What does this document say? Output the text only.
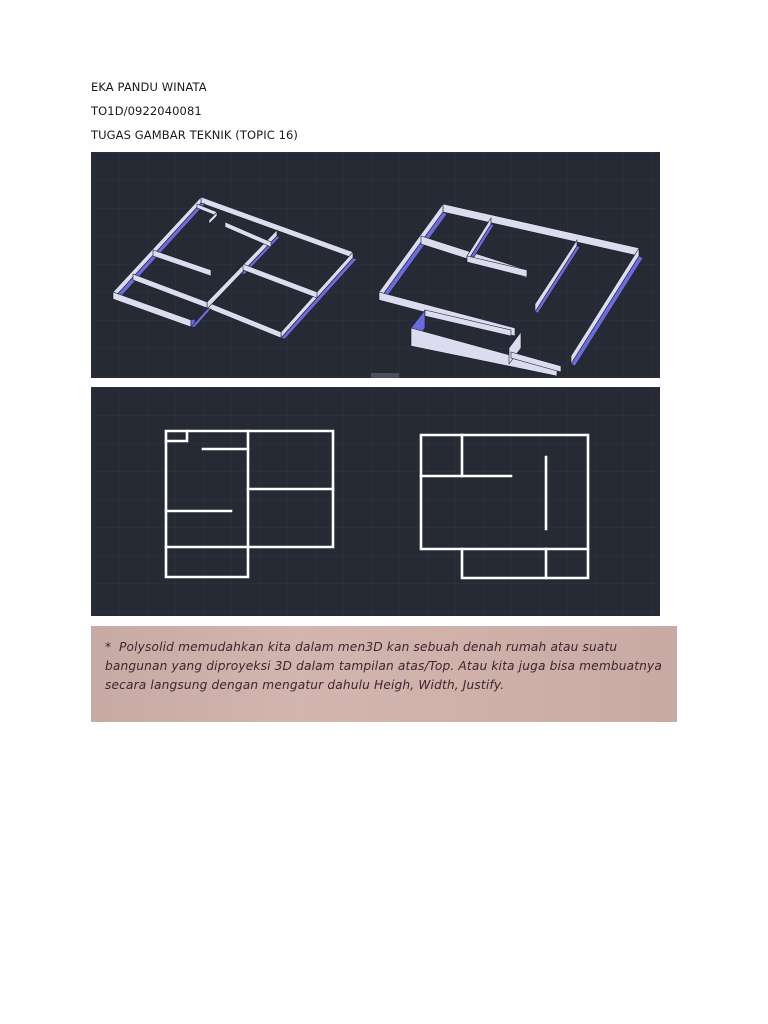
EKA PANDU WINATA
TO1D/0922040081
TUGAS GAMBAR TEKNIK (TOPIC 16)
* Polysolid memudahkan kita dalam men3D kan sebuah denah rumah atau suatu bangunan yang diproyeksi 3D dalam tampilan atas/Top. Atau kita juga bisa membuatnya secara langsung dengan mengatur dahulu Heigh, Width, Justify.
